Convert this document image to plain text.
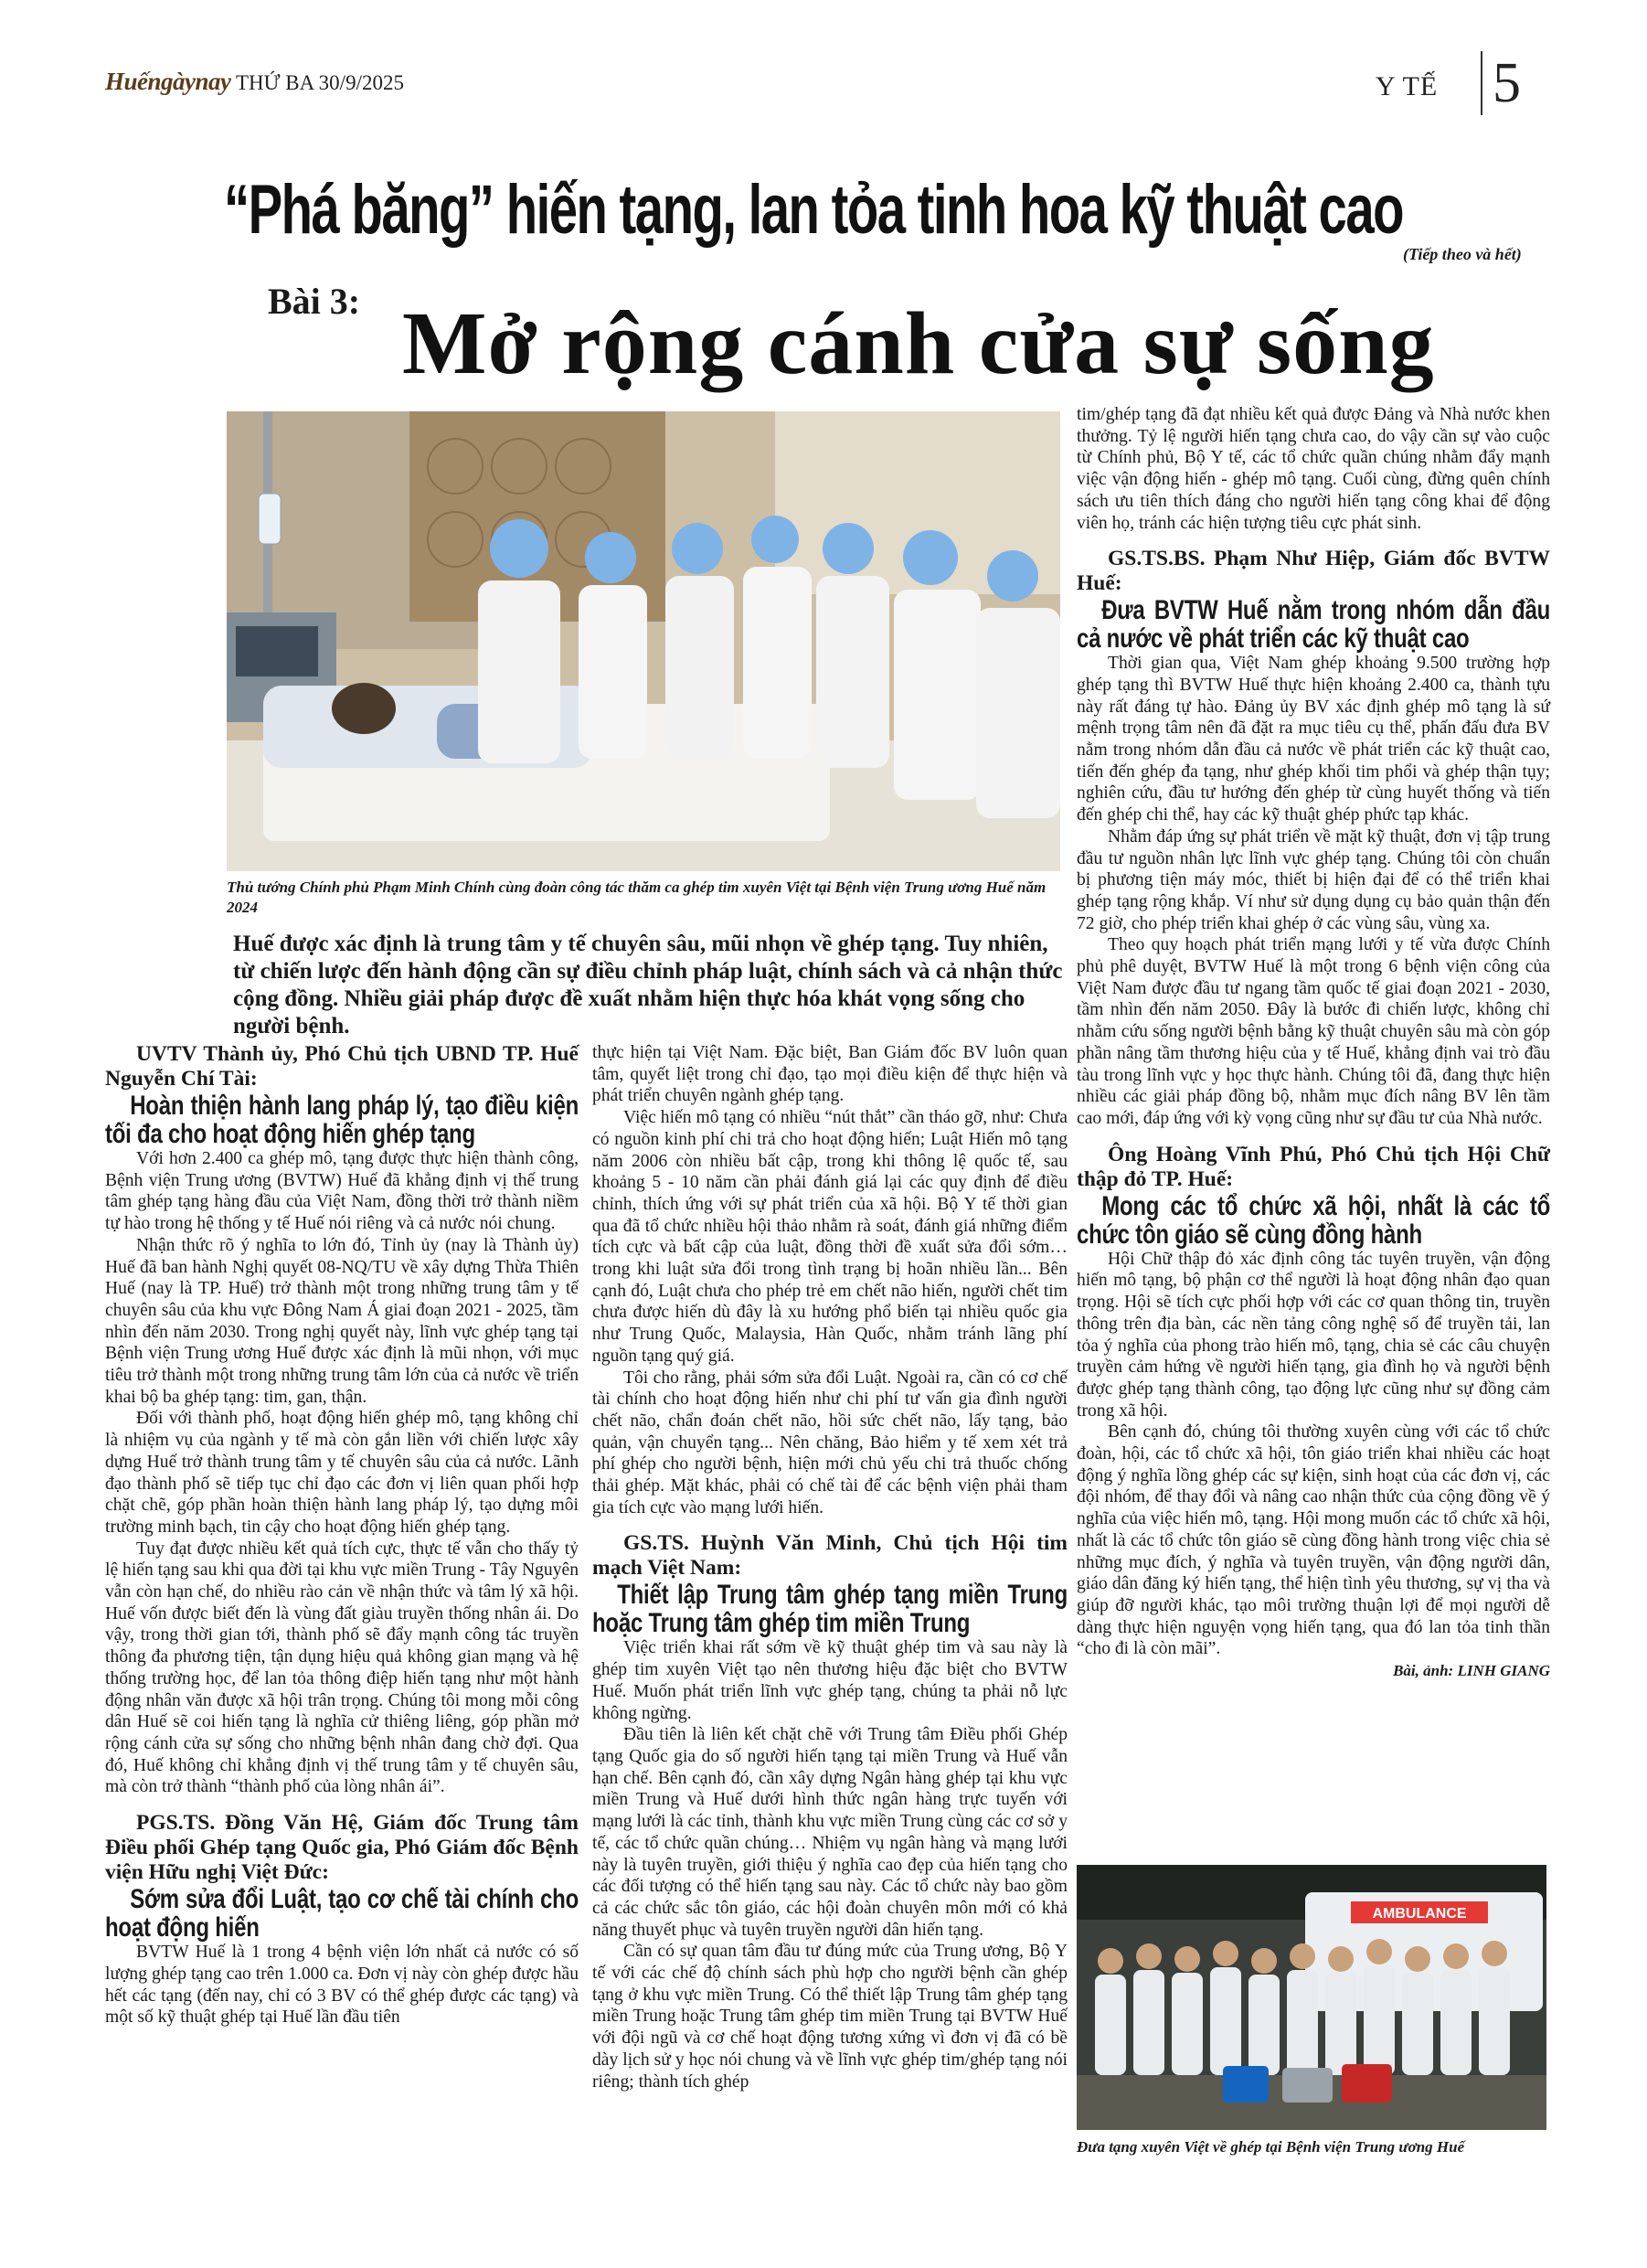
Huếngàynay THỨ BA 30/9/2025	Y TẾ 5
“Phá băng” hiến tạng, lan tỏa tinh hoa kỹ thuật cao
(Tiếp theo và hết)
Bài 3: Mở rộng cánh cửa sự sống
Thủ tướng Chính phủ Phạm Minh Chính cùng đoàn công tác thăm ca ghép tim xuyên Việt tại Bệnh viện Trung ương Huế năm 2024
Huế được xác định là trung tâm y tế chuyên sâu, mũi nhọn về ghép tạng. Tuy nhiên, từ chiến lược đến hành động cần sự điều chỉnh pháp luật, chính sách và cả nhận thức cộng đồng. Nhiều giải pháp được đề xuất nhằm hiện thực hóa khát vọng sống cho người bệnh.

UVTV Thành ủy, Phó Chủ tịch UBND TP. Huế Nguyễn Chí Tài:

Hoàn thiện hành lang pháp lý, tạo điều kiện tối đa cho hoạt động hiến ghép tạng

Với hơn 2.400 ca ghép mô, tạng được thực hiện thành công, Bệnh viện Trung ương (BVTW) Huế đã khẳng định vị thế trung tâm ghép tạng hàng đầu của Việt Nam, đồng thời trở thành niềm tự hào trong hệ thống y tế Huế nói riêng và cả nước nói chung.

Nhận thức rõ ý nghĩa to lớn đó, Tỉnh ủy (nay là Thành ủy) Huế đã ban hành Nghị quyết 08-NQ/TU về xây dựng Thừa Thiên Huế (nay là TP. Huế) trở thành một trong những trung tâm y tế chuyên sâu của khu vực Đông Nam Á giai đoạn 2021 - 2025, tầm nhìn đến năm 2030. Trong nghị quyết này, lĩnh vực ghép tạng tại Bệnh viện Trung ương Huế được xác định là mũi nhọn, với mục tiêu trở thành một trong những trung tâm lớn của cả nước về triển khai bộ ba ghép tạng: tim, gan, thận.

Đối với thành phố, hoạt động hiến ghép mô, tạng không chỉ là nhiệm vụ của ngành y tế mà còn gắn liền với chiến lược xây dựng Huế trở thành trung tâm y tế chuyên sâu của cả nước. Lãnh đạo thành phố sẽ tiếp tục chỉ đạo các đơn vị liên quan phối hợp chặt chẽ, góp phần hoàn thiện hành lang pháp lý, tạo dựng môi trường minh bạch, tin cậy cho hoạt động hiến ghép tạng.

Tuy đạt được nhiều kết quả tích cực, thực tế vẫn cho thấy tỷ lệ hiến tạng sau khi qua đời tại khu vực miền Trung - Tây Nguyên vẫn còn hạn chế, do nhiều rào cản về nhận thức và tâm lý xã hội. Huế vốn được biết đến là vùng đất giàu truyền thống nhân ái. Do vậy, trong thời gian tới, thành phố sẽ đẩy mạnh công tác truyền thông đa phương tiện, tận dụng hiệu quả không gian mạng và hệ thống trường học, để lan tỏa thông điệp hiến tạng như một hành động nhân văn được xã hội trân trọng. Chúng tôi mong mỗi công dân Huế sẽ coi hiến tạng là nghĩa cử thiêng liêng, góp phần mở rộng cánh cửa sự sống cho những bệnh nhân đang chờ đợi. Qua đó, Huế không chỉ khẳng định vị thế trung tâm y tế chuyên sâu, mà còn trở thành “thành phố của lòng nhân ái”.

PGS.TS. Đồng Văn Hệ, Giám đốc Trung tâm Điều phối Ghép tạng Quốc gia, Phó Giám đốc Bệnh viện Hữu nghị Việt Đức:

Sớm sửa đổi Luật, tạo cơ chế tài chính cho hoạt động hiến

BVTW Huế là 1 trong 4 bệnh viện lớn nhất cả nước có số lượng ghép tạng cao trên 1.000 ca. Đơn vị này còn ghép được hầu hết các tạng (đến nay, chỉ có 3 BV có thể ghép được các tạng) và một số kỹ thuật ghép tại Huế lần đầu tiên

thực hiện tại Việt Nam. Đặc biệt, Ban Giám đốc BV luôn quan tâm, quyết liệt trong chỉ đạo, tạo mọi điều kiện để thực hiện và phát triển chuyên ngành ghép tạng.

Việc hiến mô tạng có nhiều “nút thắt” cần tháo gỡ, như: Chưa có nguồn kinh phí chi trả cho hoạt động hiến; Luật Hiến mô tạng năm 2006 còn nhiều bất cập, trong khi thông lệ quốc tế, sau khoảng 5 - 10 năm cần phải đánh giá lại các quy định để điều chỉnh, thích ứng với sự phát triển của xã hội. Bộ Y tế thời gian qua đã tổ chức nhiều hội thảo nhằm rà soát, đánh giá những điểm tích cực và bất cập của luật, đồng thời đề xuất sửa đổi sớm… trong khi luật sửa đổi trong tình trạng bị hoãn nhiều lần... Bên cạnh đó, Luật chưa cho phép trẻ em chết não hiến, người chết tim chưa được hiến dù đây là xu hướng phổ biến tại nhiều quốc gia như Trung Quốc, Malaysia, Hàn Quốc, nhằm tránh lãng phí nguồn tạng quý giá.

Tôi cho rằng, phải sớm sửa đổi Luật. Ngoài ra, cần có cơ chế tài chính cho hoạt động hiến như chi phí tư vấn gia đình người chết não, chẩn đoán chết não, hồi sức chết não, lấy tạng, bảo quản, vận chuyển tạng... Nên chăng, Bảo hiểm y tế xem xét trả phí ghép cho người bệnh, hiện mới chủ yếu chi trả thuốc chống thải ghép. Mặt khác, phải có chế tài để các bệnh viện phải tham gia tích cực vào mạng lưới hiến.

GS.TS. Huỳnh Văn Minh, Chủ tịch Hội tim mạch Việt Nam:

Thiết lập Trung tâm ghép tạng miền Trung hoặc Trung tâm ghép tim miền Trung

Việc triển khai rất sớm về kỹ thuật ghép tim và sau này là ghép tim xuyên Việt tạo nên thương hiệu đặc biệt cho BVTW Huế. Muốn phát triển lĩnh vực ghép tạng, chúng ta phải nỗ lực không ngừng.

Đầu tiên là liên kết chặt chẽ với Trung tâm Điều phối Ghép tạng Quốc gia do số người hiến tạng tại miền Trung và Huế vẫn hạn chế. Bên cạnh đó, cần xây dựng Ngân hàng ghép tại khu vực miền Trung và Huế dưới hình thức ngân hàng trực tuyến với mạng lưới là các tỉnh, thành khu vực miền Trung cùng các cơ sở y tế, các tổ chức quần chúng… Nhiệm vụ ngân hàng và mạng lưới này là tuyên truyền, giới thiệu ý nghĩa cao đẹp của hiến tạng cho các đối tượng có thể hiến tạng sau này. Các tổ chức này bao gồm cả các chức sắc tôn giáo, các hội đoàn chuyên môn mới có khả năng thuyết phục và tuyên truyền người dân hiến tạng.

Cần có sự quan tâm đầu tư đúng mức của Trung ương, Bộ Y tế với các chế độ chính sách phù hợp cho người bệnh cần ghép tạng ở khu vực miền Trung. Có thể thiết lập Trung tâm ghép tạng miền Trung hoặc Trung tâm ghép tim miền Trung tại BVTW Huế với đội ngũ và cơ chế hoạt động tương xứng vì đơn vị đã có bề dày lịch sử y học nói chung và về lĩnh vực ghép tim/ghép tạng nói riêng; thành tích ghép

tim/ghép tạng đã đạt nhiều kết quả được Đảng và Nhà nước khen thưởng. Tỷ lệ người hiến tạng chưa cao, do vậy cần sự vào cuộc từ Chính phủ, Bộ Y tế, các tổ chức quần chúng nhằm đẩy mạnh việc vận động hiến - ghép mô tạng. Cuối cùng, đừng quên chính sách ưu tiên thích đáng cho người hiến tạng công khai để động viên họ, tránh các hiện tượng tiêu cực phát sinh.

GS.TS.BS. Phạm Như Hiệp, Giám đốc BVTW Huế:

Đưa BVTW Huế nằm trong nhóm dẫn đầu cả nước về phát triển các kỹ thuật cao

Thời gian qua, Việt Nam ghép khoảng 9.500 trường hợp ghép tạng thì BVTW Huế thực hiện khoảng 2.400 ca, thành tựu này rất đáng tự hào. Đảng ủy BV xác định ghép mô tạng là sứ mệnh trọng tâm nên đã đặt ra mục tiêu cụ thể, phấn đấu đưa BV nằm trong nhóm dẫn đầu cả nước về phát triển các kỹ thuật cao, tiến đến ghép đa tạng, như ghép khối tim phổi và ghép thận tụy; nghiên cứu, đầu tư hướng đến ghép từ cùng huyết thống và tiến đến ghép chi thể, hay các kỹ thuật ghép phức tạp khác.

Nhằm đáp ứng sự phát triển về mặt kỹ thuật, đơn vị tập trung đầu tư nguồn nhân lực lĩnh vực ghép tạng. Chúng tôi còn chuẩn bị phương tiện máy móc, thiết bị hiện đại để có thể triển khai ghép tạng rộng khắp. Ví như sử dụng dụng cụ bảo quản thận đến 72 giờ, cho phép triển khai ghép ở các vùng sâu, vùng xa.

Theo quy hoạch phát triển mạng lưới y tế vừa được Chính phủ phê duyệt, BVTW Huế là một trong 6 bệnh viện công của Việt Nam được đầu tư ngang tầm quốc tế giai đoạn 2021 - 2030, tầm nhìn đến năm 2050. Đây là bước đi chiến lược, không chỉ nhằm cứu sống người bệnh bằng kỹ thuật chuyên sâu mà còn góp phần nâng tầm thương hiệu của y tế Huế, khẳng định vai trò đầu tàu trong lĩnh vực y học thực hành. Chúng tôi đã, đang thực hiện nhiều các giải pháp đồng bộ, nhằm mục đích nâng BV lên tầm cao mới, đáp ứng với kỳ vọng cũng như sự đầu tư của Nhà nước.

Ông Hoàng Vĩnh Phú, Phó Chủ tịch Hội Chữ thập đỏ TP. Huế:

Mong các tổ chức xã hội, nhất là các tổ chức tôn giáo sẽ cùng đồng hành

Hội Chữ thập đỏ xác định công tác tuyên truyền, vận động hiến mô tạng, bộ phận cơ thể người là hoạt động nhân đạo quan trọng. Hội sẽ tích cực phối hợp với các cơ quan thông tin, truyền thông trên địa bàn, các nền tảng công nghệ số để truyền tải, lan tỏa ý nghĩa của phong trào hiến mô, tạng, chia sẻ các câu chuyện truyền cảm hứng về người hiến tạng, gia đình họ và người bệnh được ghép tạng thành công, tạo động lực cũng như sự đồng cảm trong xã hội.

Bên cạnh đó, chúng tôi thường xuyên cùng với các tổ chức đoàn, hội, các tổ chức xã hội, tôn giáo triển khai nhiều các hoạt động ý nghĩa lồng ghép các sự kiện, sinh hoạt của các đơn vị, các đội nhóm, để thay đổi và nâng cao nhận thức của cộng đồng về ý nghĩa của việc hiến mô, tạng. Hội mong muốn các tổ chức xã hội, nhất là các tổ chức tôn giáo sẽ cùng đồng hành trong việc chia sẻ những mục đích, ý nghĩa và tuyên truyền, vận động người dân, giáo dân đăng ký hiến tạng, thể hiện tình yêu thương, sự vị tha và giúp đỡ người khác, tạo môi trường thuận lợi để mọi người dễ dàng thực hiện nguyện vọng hiến tạng, qua đó lan tỏa tinh thần “cho đi là còn mãi”.

Bài, ảnh: LINH GIANG

AMBULANCE
Đưa tạng xuyên Việt về ghép tại Bệnh viện Trung ương Huế
